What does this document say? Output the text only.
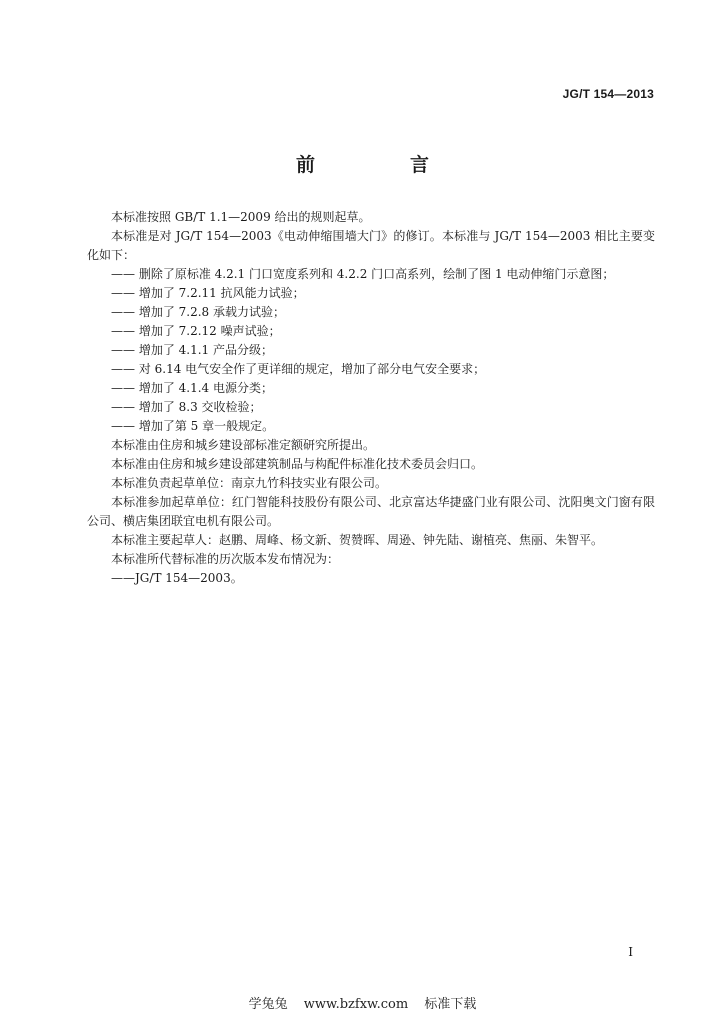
JG/T 154—2013
前　言

本标准按照 GB/T 1.1—2009 给出的规则起草。

本标准是对 JG/T 154—2003《电动伸缩围墙大门》的修订。本标准与 JG/T 154—2003 相比主要变化如下：

—— 删除了原标准 4.2.1 门口宽度系列和 4.2.2 门口高系列，绘制了图 1 电动伸缩门示意图；

—— 增加了 7.2.11 抗风能力试验；

—— 增加了 7.2.8 承载力试验；

—— 增加了 7.2.12 噪声试验；

—— 增加了 4.1.1 产品分级；

—— 对 6.14 电气安全作了更详细的规定，增加了部分电气安全要求；

—— 增加了 4.1.4 电源分类；

—— 增加了 8.3 交收检验；

—— 增加了第 5 章一般规定。

本标准由住房和城乡建设部标准定额研究所提出。

本标准由住房和城乡建设部建筑制品与构配件标准化技术委员会归口。

本标准负责起草单位：南京九竹科技实业有限公司。

本标准参加起草单位：红门智能科技股份有限公司、北京富达华捷盛门业有限公司、沈阳奥文门窗有限公司、横店集团联宜电机有限公司。

本标准主要起草人：赵鹏、周峰、杨文新、贺赞晖、周逊、钟先陆、谢植亮、焦丽、朱智平。

本标准所代替标准的历次版本发布情况为：

——JG/T 154—2003。

I
学兔兔 www.bzfxw.com 标准下载
